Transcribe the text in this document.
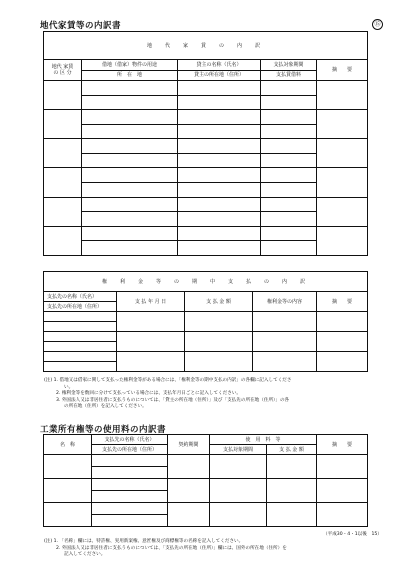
地代家賃等の内訳書	⑮
地　代　家　賃　の　内　訳				
地代 家賃
の 区 分	借地（借家）物件の用途	貸主の名称（氏名）	支払対象期間	摘　　要
	所　在　地	貸主の所在地（住所）	支払賃借料	

権　利　金　等　の　期　中　支　払　の　内　訳				
支払先の名称（氏名）	支 払 年 月 日	支 払 金 額	権利金等の内容	摘　　要
支払先の所在地（住所）				

(注) 1. 借地又は借家に関して支払った権利金等がある場合には、「権利金等の期中支払の内訳」の各欄に記入してくださ
い。
2. 権利金等を数回に分けて支払っている場合には、支払年月日ごとに記入してください。
3. 外国法人又は非居住者に支払うものについては、「貸主の所在地（住所）」及び「支払先の所在地（住所）」の各
の所在地（住所）を記入してください。
工業所有権等の使用料の内訳書
名　称	支払先の名称（氏名）	契約期間	使　用　料　等		摘　　要
	支払先の所在地（住所）		支払対象期間	支 払 金 額	

（平成30・4・1以後　15）
(注) 1. 「名称」欄には、特許権、実用新案権、意匠権及び商標権等の名称を記入してください。
2. 外国法人又は非居住者に支払うものについては、「支払先の所在地（住所）」欄には、国外の所在地（住所）を
記入してください。
